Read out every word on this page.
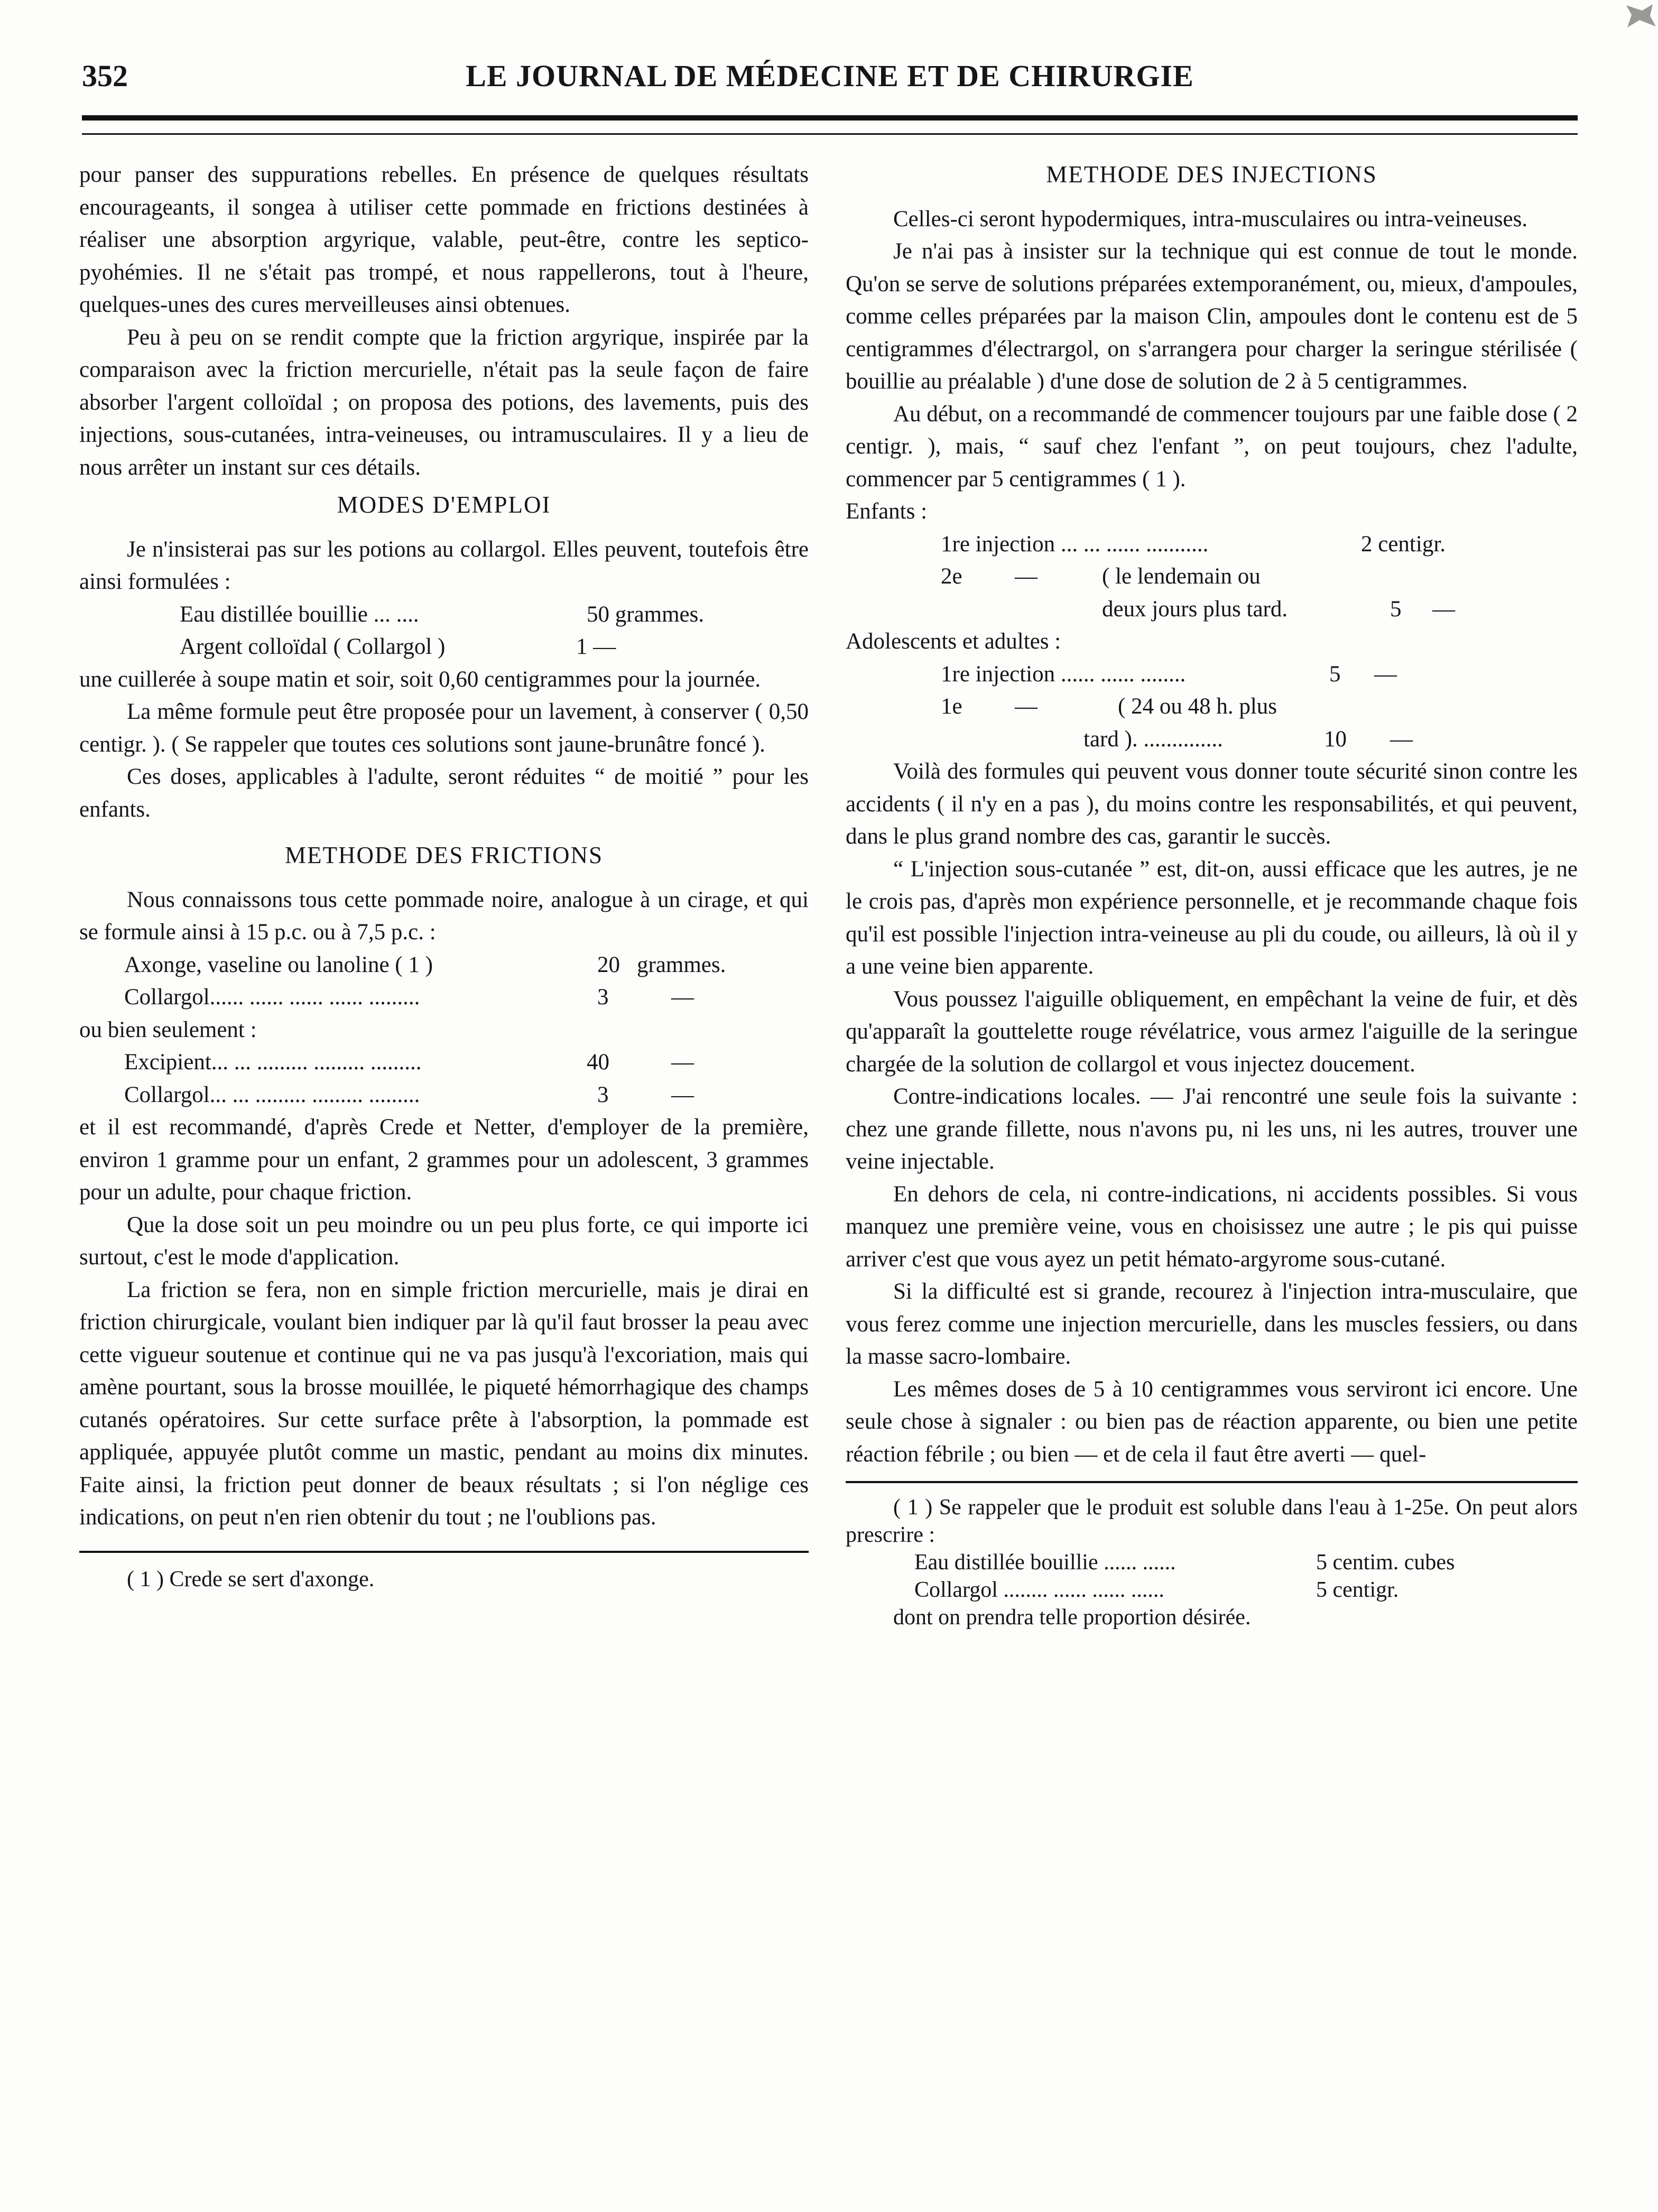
352	LE JOURNAL DE MÉDECINE ET DE CHIRURGIE

pour panser des suppurations rebelles. En présence de quelques résultats encourageants, il songea à utiliser cette pommade en frictions destinées à réaliser une absorption argyrique, valable, peut-être, contre les septico-pyohémies. Il ne s'était pas trompé, et nous rappellerons, tout à l'heure, quelques-unes des cures merveilleuses ainsi obtenues.

Peu à peu on se rendit compte que la friction argyrique, inspirée par la comparaison avec la friction mercurielle, n'était pas la seule façon de faire absorber l'argent colloïdal ; on proposa des potions, des lavements, puis des injections, sous-cutanées, intra-veineuses, ou intramusculaires. Il y a lieu de nous arrêter un instant sur ces détails.

MODES D'EMPLOI

Je n'insisterai pas sur les potions au collargol. Elles peuvent, toutefois être ainsi formulées :

Eau distillée bouillie ... ....	50 grammes.
Argent colloïdal ( Collargol )	1 —

une cuillerée à soupe matin et soir, soit 0,60 centigrammes pour la journée.

La même formule peut être proposée pour un lavement, à conserver ( 0,50 centigr. ). ( Se rappeler que toutes ces solutions sont jaune-brunâtre foncé ).

Ces doses, applicables à l'adulte, seront réduites “ de moitié ” pour les enfants.

METHODE DES FRICTIONS

Nous connaissons tous cette pommade noire, analogue à un cirage, et qui se formule ainsi à 15 p.c. ou à 7,5 p.c. :

Axonge, vaseline ou lanoline ( 1 )	20 grammes.
Collargol...... ...... ...... ...... .........	3	—
ou bien seulement :
Excipient... ... ......... ......... .........	40	—
Collargol... ... ......... ......... .........	3	—

et il est recommandé, d'après Crede et Netter, d'employer de la première, environ 1 gramme pour un enfant, 2 grammes pour un adolescent, 3 grammes pour un adulte, pour chaque friction.

Que la dose soit un peu moindre ou un peu plus forte, ce qui importe ici surtout, c'est le mode d'application.

La friction se fera, non en simple friction mercurielle, mais je dirai en friction chirurgicale, voulant bien indiquer par là qu'il faut brosser la peau avec cette vigueur soutenue et continue qui ne va pas jusqu'à l'excoriation, mais qui amène pourtant, sous la brosse mouillée, le piqueté hémorrhagique des champs cutanés opératoires. Sur cette surface prête à l'absorption, la pommade est appliquée, appuyée plutôt comme un mastic, pendant au moins dix minutes. Faite ainsi, la friction peut donner de beaux résultats ; si l'on néglige ces indications, on peut n'en rien obtenir du tout ; ne l'oublions pas.

( 1 ) Crede se sert d'axonge.

METHODE DES INJECTIONS

Celles-ci seront hypodermiques, intra-musculaires ou intra-veineuses.

Je n'ai pas à insister sur la technique qui est connue de tout le monde. Qu'on se serve de solutions préparées extemporanément, ou, mieux, d'ampoules, comme celles préparées par la maison Clin, ampoules dont le contenu est de 5 centigrammes d'électrargol, on s'arrangera pour charger la seringue stérilisée ( bouillie au préalable ) d'une dose de solution de 2 à 5 centigrammes.

Au début, on a recommandé de commencer toujours par une faible dose ( 2 centigr. ), mais, “ sauf chez l'enfant ”, on peut toujours, chez l'adulte, commencer par 5 centigrammes ( 1 ).

Enfants :
1re injection ... ... ...... ...........	2 centigr.
2e —	( le lendemain ou
deux jours plus tard.	5 —
Adolescents et adultes :
1re injection ...... ...... ........	5 —
1e —	( 24 ou 48 h. plus
tard ). ..............	10 —

Voilà des formules qui peuvent vous donner toute sécurité sinon contre les accidents ( il n'y en a pas ), du moins contre les responsabilités, et qui peuvent, dans le plus grand nombre des cas, garantir le succès.

“ L'injection sous-cutanée ” est, dit-on, aussi efficace que les autres, je ne le crois pas, d'après mon expérience personnelle, et je recommande chaque fois qu'il est possible l'injection intra-veineuse au pli du coude, ou ailleurs, là où il y a une veine bien apparente.

Vous poussez l'aiguille obliquement, en empêchant la veine de fuir, et dès qu'apparaît la gouttelette rouge révélatrice, vous armez l'aiguille de la seringue chargée de la solution de collargol et vous injectez doucement.

Contre-indications locales. — J'ai rencontré une seule fois la suivante : chez une grande fillette, nous n'avons pu, ni les uns, ni les autres, trouver une veine injectable.

En dehors de cela, ni contre-indications, ni accidents possibles. Si vous manquez une première veine, vous en choisissez une autre ; le pis qui puisse arriver c'est que vous ayez un petit hémato-argyrome sous-cutané.

Si la difficulté est si grande, recourez à l'injection intra-musculaire, que vous ferez comme une injection mercurielle, dans les muscles fessiers, ou dans la masse sacro-lombaire.

Les mêmes doses de 5 à 10 centigrammes vous serviront ici encore. Une seule chose à signaler : ou bien pas de réaction apparente, ou bien une petite réaction fébrile ; ou bien — et de cela il faut être averti — quel-

( 1 ) Se rappeler que le produit est soluble dans l'eau à 1-25e. On peut alors prescrire :

Eau distillée bouillie ...... ......	5 centim. cubes
Collargol ........ ...... ...... ......	5 centigr.

dont on prendra telle proportion désirée.
